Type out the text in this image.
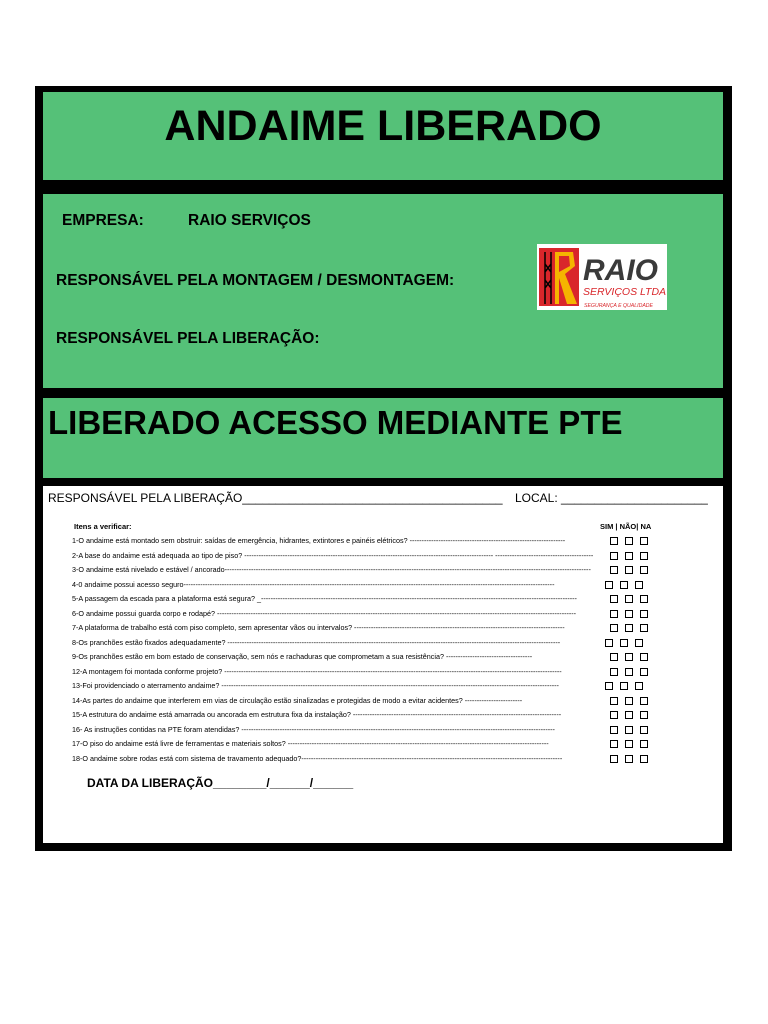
ANDAIME LIBERADO
EMPRESA:	RAIO SERVIÇOS
RESPONSÁVEL PELA MONTAGEM / DESMONTAGEM:
RESPONSÁVEL PELA LIBERAÇÃO:
RAIO
SERVIÇOS LTDA
SEGURANÇA E QUALIDADE
LIBERADO ACESSO MEDIANTE PTE
RESPONSÁVEL PELA LIBERAÇÃO_______________________________________ LOCAL: ______________________
Itens a verificar:	SIM | NÃO| NA
1-O andaime está montado sem obstruir: saídas de emergência, hidrantes, extintores e painéis elétricos? -----------------------------------------------------------------
2-A base do andaime está adequada ao tipo de piso? -------------------------------------------------------------------------------------------------------- -----------------------------------------
3-O andaime está nivelado e estável / ancorado---------------------------------------------------------------------------------------------------------------------------------------------------------
4-0 andaime possui acesso seguro-----------------------------------------------------------------------------------------------------------------------------------------------------------
5-A passagem da escada para a plataforma está segura? _------------------------------------------------------------------------------------------------------------------------------------
6-O andaime possui guarda corpo e rodapé? ------------------------------------------------------------------------------------------------------------------------------------------------------
7-A plataforma de trabalho está com piso completo, sem apresentar vãos ou intervalos? ----------------------------------------------------------------------------------------
8-Os pranchões estão fixados adequadamente? -------------------------------------------------------------------------------------------------------------------------------------------
9-Os pranchões estão em bom estado de conservação, sem nós e rachaduras que comprometam a sua resistência? ------------------------------------
12-A montagem foi montada conforme projeto? ---------------------------------------------------------------------------------------------------------------------------------------------
13-Foi providenciado o aterramento andaime? ---------------------------------------------------------------------------------------------------------------------------------------------
14-As partes do andaime que interferem em vias de circulação estão sinalizadas e protegidas de modo a evitar acidentes? ------------------------
15-A estrutura do andaime está amarrada ou ancorada em estrutura fixa da instalação? ---------------------------------------------------------------------------------------
16- As instruções contidas na PTE foram atendidas? -----------------------------------------------------------------------------------------------------------------------------------
17-O piso do andaime está livre de ferramentas e materiais soltos? -------------------------------------------------------------------------------------------------------------
18-O andaime sobre rodas está com sistema de travamento adequado?-------------------------------------------------------------------------------------------------------------
DATA DA LIBERAÇÃO________/______/______
